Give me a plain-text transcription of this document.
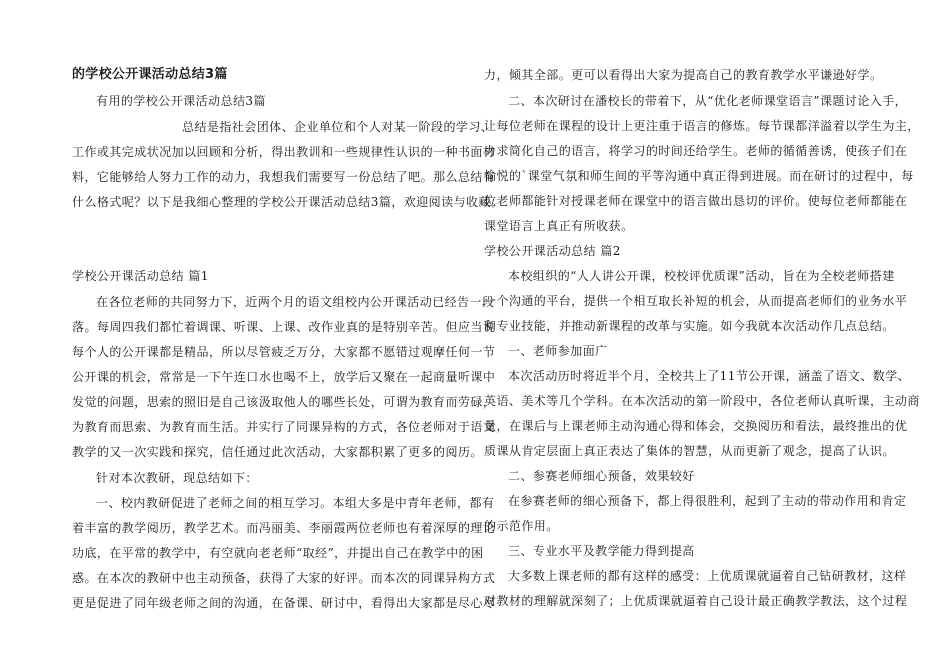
的学校公开课活动总结3篇
有用的学校公开课活动总结3篇
总结是指社会团体、企业单位和个人对某一阶段的学习、
工作或其完成状况加以回顾和分析，得出教训和一些规律性认识的一种书面材
料，它能够给人努力工作的动力，我想我们需要写一份总结了吧。那么总结有
什么格式呢？以下是我细心整理的学校公开课活动总结3篇，欢迎阅读与收藏。
学校公开课活动总结 篇1
在各位老师的共同努力下，近两个月的语文组校内公开课活动已经告一段
落。每周四我们都忙着调课、听课、上课、改作业真的是特别辛苦。但应当说
每个人的公开课都是精品，所以尽管疲乏万分，大家都不愿错过观摩任何一节
公开课的机会，常常是一下午连口水也喝不上，放学后又聚在一起商量听课中
发觉的问题，思索的照旧是自己该汲取他人的哪些长处，可谓为教育而劳碌，
为教育而思索、为教育而生活。并实行了同课异构的方式，各位老师对于语文
教学的又一次实践和探究，信任通过此次活动，大家都积累了更多的阅历。
针对本次教研，现总结如下：
一、校内教研促进了老师之间的相互学习。本组大多是中青年老师，都有
着丰富的教学阅历，教学艺术。而冯丽美、李丽霞两位老师也有着深厚的理论
功底，在平常的教学中，有空就向老老师“取经”，并提出自己在教学中的困
惑。在本次的教研中也主动预备，获得了大家的好评。而本次的同课异构方式
更是促进了同年级老师之间的沟通，在备课、研讨中，看得出大家都是尽心尽
力，倾其全部。更可以看得出大家为提高自己的教育教学水平谦逊好学。
二、本次研讨在潘校长的带着下，从“优化老师课堂语言”课题讨论入手，
让每位老师在课程的设计上更注重于语言的修炼。每节课都洋溢着以学生为主，
力求简化自己的语言，将学习的时间还给学生。老师的循循善诱，使孩子们在
愉悦的`课堂气氛和师生间的平等沟通中真正得到进展。而在研讨的过程中，每
位老师都能针对授课老师在课堂中的语言做出恳切的评价。使每位老师都能在
课堂语言上真正有所收获。
学校公开课活动总结 篇2
本校组织的“人人讲公开课，校校评优质课”活动，旨在为全校老师搭建
一个沟通的平台，提供一个相互取长补短的机会，从而提高老师们的业务水平
和专业技能，并推动新课程的改革与实施。如今我就本次活动作几点总结。
一、老师参加面广
本次活动历时将近半个月，全校共上了11节公开课，涵盖了语文、数学、
英语、美术等几个学科。在本次活动的第一阶段中，各位老师认真听课，主动商
量，在课后与上课老师主动沟通心得和体会，交换阅历和看法，最终推出的优
质课从肯定层面上真正表达了集体的智慧，从而更新了观念，提高了认识。
二、参赛老师细心预备，效果较好
在参赛老师的细心预备下，都上得很胜利，起到了主动的带动作用和肯定
的示范作用。
三、专业水平及教学能力得到提高
大多数上课老师的都有这样的感受：上优质课就逼着自己钻研教材，这样
对教材的理解就深刻了；上优质课就逼着自己设计最正确教学教法，这个过程
